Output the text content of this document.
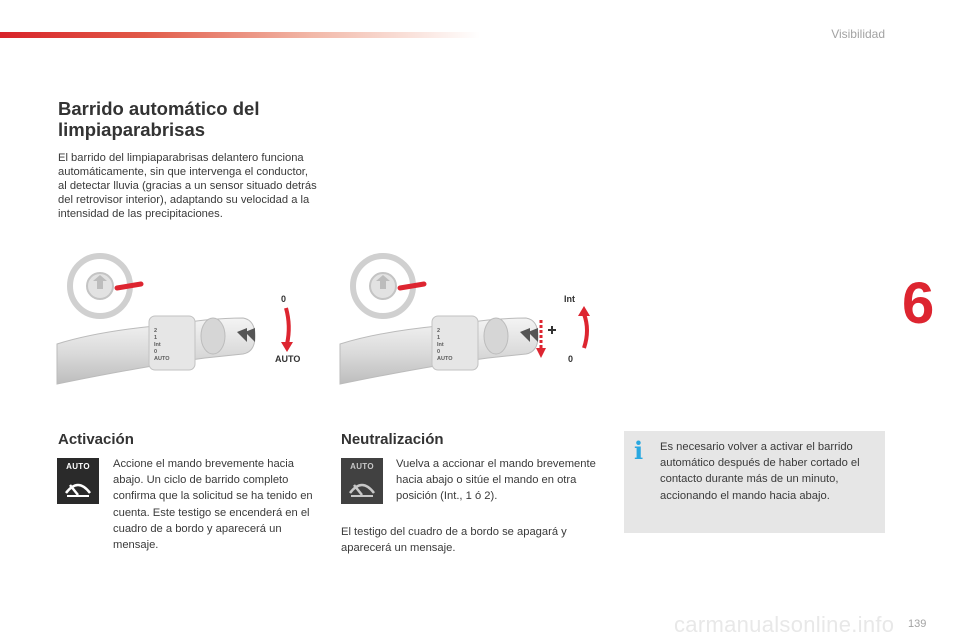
Visibilidad
Barrido automático del limpiaparabrisas

El barrido del limpiaparabrisas delantero funciona automáticamente, sin que intervenga el conductor, al detectar lluvia (gracias a un sensor situado detrás del retrovisor interior), adaptando su velocidad a la intensidad de las precipitaciones.

2
1
Int
0
AUTO
0
AUTO
2
1
Int
0
AUTO
Int
0
Activación
AUTO	Accione el mando brevemente hacia abajo. Un ciclo de barrido completo confirma que la solicitud se ha tenido en cuenta. Este testigo se encenderá en el cuadro de a bordo y aparecerá un mensaje.

Neutralización
AUTO	Vuelva a accionar el mando brevemente hacia abajo o sitúe el mando en otra posición (Int., 1 ó 2).

El testigo del cuadro de a bordo se apagará y aparecerá un mensaje.

i Es necesario volver a activar el barrido automático después de haber cortado el contacto durante más de un minuto, accionando el mando hacia abajo.

6
carmanualsonline.info 139
